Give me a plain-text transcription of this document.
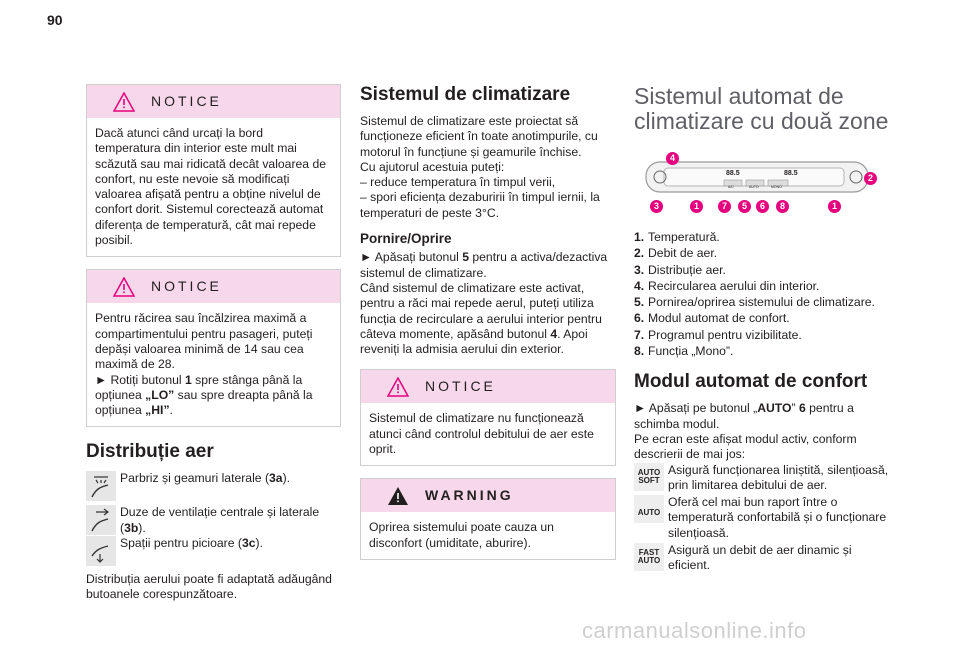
90
NOTICE

Dacă atunci când urcați la bord temperatura din interior este mult mai scăzută sau mai ridicată decât valoarea de confort, nu este nevoie să modificați valoarea afișată pentru a obține nivelul de confort dorit. Sistemul corectează automat diferența de temperatură, cât mai repede posibil.

NOTICE

Pentru răcirea sau încălzirea maximă a compartimentului pentru pasageri, puteți depăși valoarea minimă de 14 sau cea maximă de 28.

► Rotiți butonul 1 spre stânga până la opțiunea „LO” sau spre dreapta până la opțiunea „HI”.

Distribuție aer
Parbriz și geamuri laterale (3a).
Duze de ventilație centrale și laterale (3b).
Spații pentru picioare (3c).

Distribuția aerului poate fi adaptată adăugând butoanele corespunzătoare.

Sistemul de climatizare

Sistemul de climatizare este proiectat să funcționeze eficient în toate anotimpurile, cu motorul în funcțiune și geamurile închise.

Cu ajutorul acestuia puteți:

– reduce temperatura în timpul verii,

– spori eficiența dezaburirii în timpul iernii, la temperaturi de peste 3°C.

Pornire/Oprire

► Apăsați butonul 5 pentru a activa/dezactiva sistemul de climatizare.

Când sistemul de climatizare este activat, pentru a răci mai repede aerul, puteți utiliza funcția de recirculare a aerului interior pentru câteva momente, apăsând butonul 4. Apoi reveniți la admisia aerului din exterior.

NOTICE

Sistemul de climatizare nu funcționează atunci când controlul debitului de aer este oprit.

WARNING

Oprirea sistemului poate cauza un disconfort (umiditate, aburire).

Sistemul automat de climatizare cu două zone
88.5	88.5
A/C	AUTO	MONO
4
2
3	1	7	5	6	8	1
1. Temperatură.
2. Debit de aer.
3. Distribuție aer.
4. Recircularea aerului din interior.
5. Pornirea/oprirea sistemului de climatizare.
6. Modul automat de confort.
7. Programul pentru vizibilitate.
8. Funcția „Mono”.
Modul automat de confort

► Apăsați pe butonul „AUTO” 6 pentru a schimba modul.

Pe ecran este afișat modul activ, conform descrierii de mai jos:

AUTO
SOFT
Asigură funcționarea liniștită, silențioasă, prin limitarea debitului de aer.

AUTO
Oferă cel mai bun raport între o temperatură confortabilă și o funcționare silențioasă.
FAST
AUTO
Asigură un debit de aer dinamic și eficient.
carmanualsonline.info
